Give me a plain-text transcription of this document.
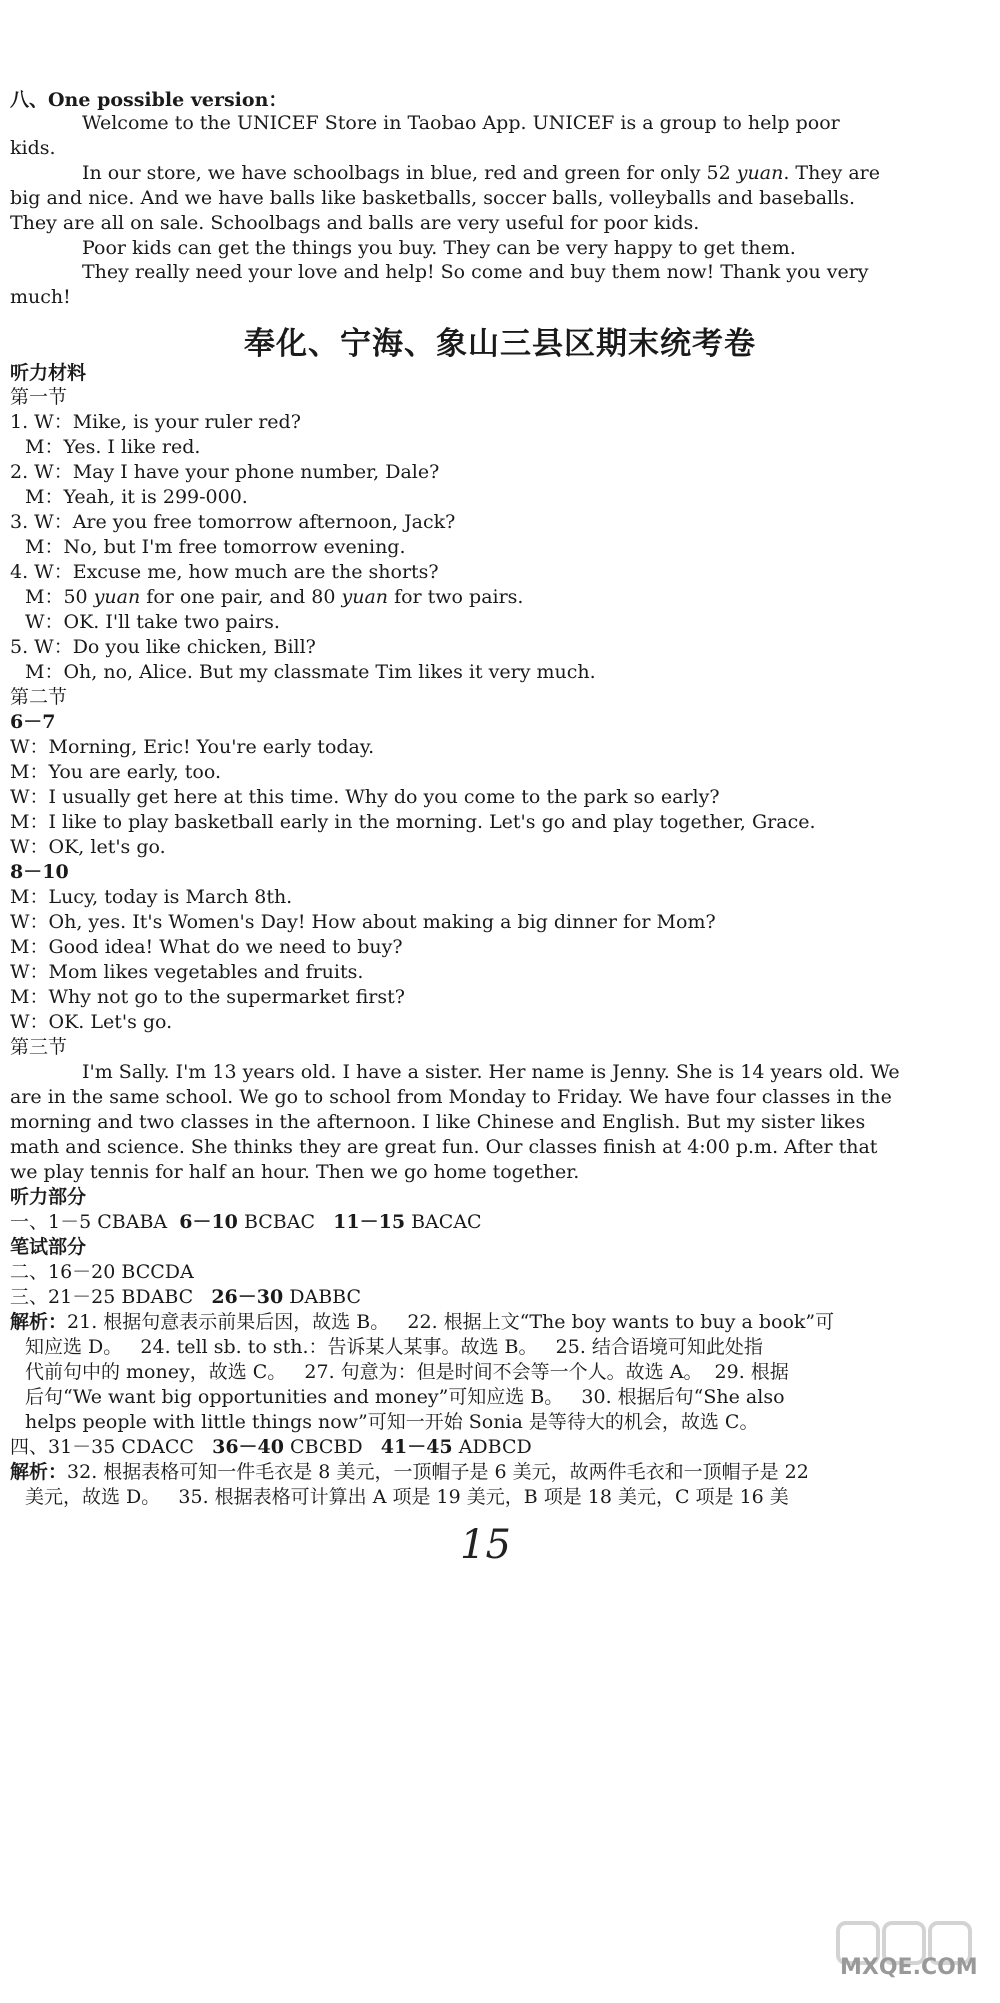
八、One possible version：
Welcome to the UNICEF Store in Taobao App. UNICEF is a group to help poor
kids.
In our store, we have schoolbags in blue, red and green for only 52 yuan. They are
big and nice. And we have balls like basketballs, soccer balls, volleyballs and baseballs.
They are all on sale. Schoolbags and balls are very useful for poor kids.
Poor kids can get the things you buy. They can be very happy to get them.
They really need your love and help! So come and buy them now! Thank you very
much!
奉化、宁海、象山三县区期末统考卷
听力材料
第一节
1. W：Mike, is your ruler red?
M：Yes. I like red.
2. W：May I have your phone number, Dale?
M：Yeah, it is 299-000.
3. W：Are you free tomorrow afternoon, Jack?
M：No, but I'm free tomorrow evening.
4. W：Excuse me, how much are the shorts?
M：50 yuan for one pair, and 80 yuan for two pairs.
W：OK. I'll take two pairs.
5. W：Do you like chicken, Bill?
M：Oh, no, Alice. But my classmate Tim likes it very much.
第二节
6－7
W：Morning, Eric! You're early today.
M：You are early, too.
W：I usually get here at this time. Why do you come to the park so early?
M：I like to play basketball early in the morning. Let's go and play together, Grace.
W：OK, let's go.
8－10
M：Lucy, today is March 8th.
W：Oh, yes. It's Women's Day! How about making a big dinner for Mom?
M：Good idea! What do we need to buy?
W：Mom likes vegetables and fruits.
M：Why not go to the supermarket first?
W：OK. Let's go.
第三节
I'm Sally. I'm 13 years old. I have a sister. Her name is Jenny. She is 14 years old. We
are in the same school. We go to school from Monday to Friday. We have four classes in the
morning and two classes in the afternoon. I like Chinese and English. But my sister likes
math and science. She thinks they are great fun. Our classes finish at 4:00 p.m. After that
we play tennis for half an hour. Then we go home together.
听力部分
一、1－5 CBABA 6－10 BCBAC 11－15 BACAC
笔试部分
二、16－20 BCCDA
三、21－25 BDABC 26－30 DABBC
解析：21. 根据句意表示前果后因，故选 B。 22. 根据上文“The boy wants to buy a book”可
知应选 D。 24. tell sb. to sth.：告诉某人某事。故选 B。 25. 结合语境可知此处指
代前句中的 money，故选 C。 27. 句意为：但是时间不会等一个人。故选 A。 29. 根据
后句“We want big opportunities and money”可知应选 B。 30. 根据后句“She also
helps people with little things now”可知一开始 Sonia 是等待大的机会，故选 C。
四、31－35 CDACC 36－40 CBCBD 41－45 ADBCD
解析：32. 根据表格可知一件毛衣是 8 美元，一顶帽子是 6 美元，故两件毛衣和一顶帽子是 22
美元，故选 D。 35. 根据表格可计算出 A 项是 19 美元，B 项是 18 美元，C 项是 16 美
15
MXQE.COM
